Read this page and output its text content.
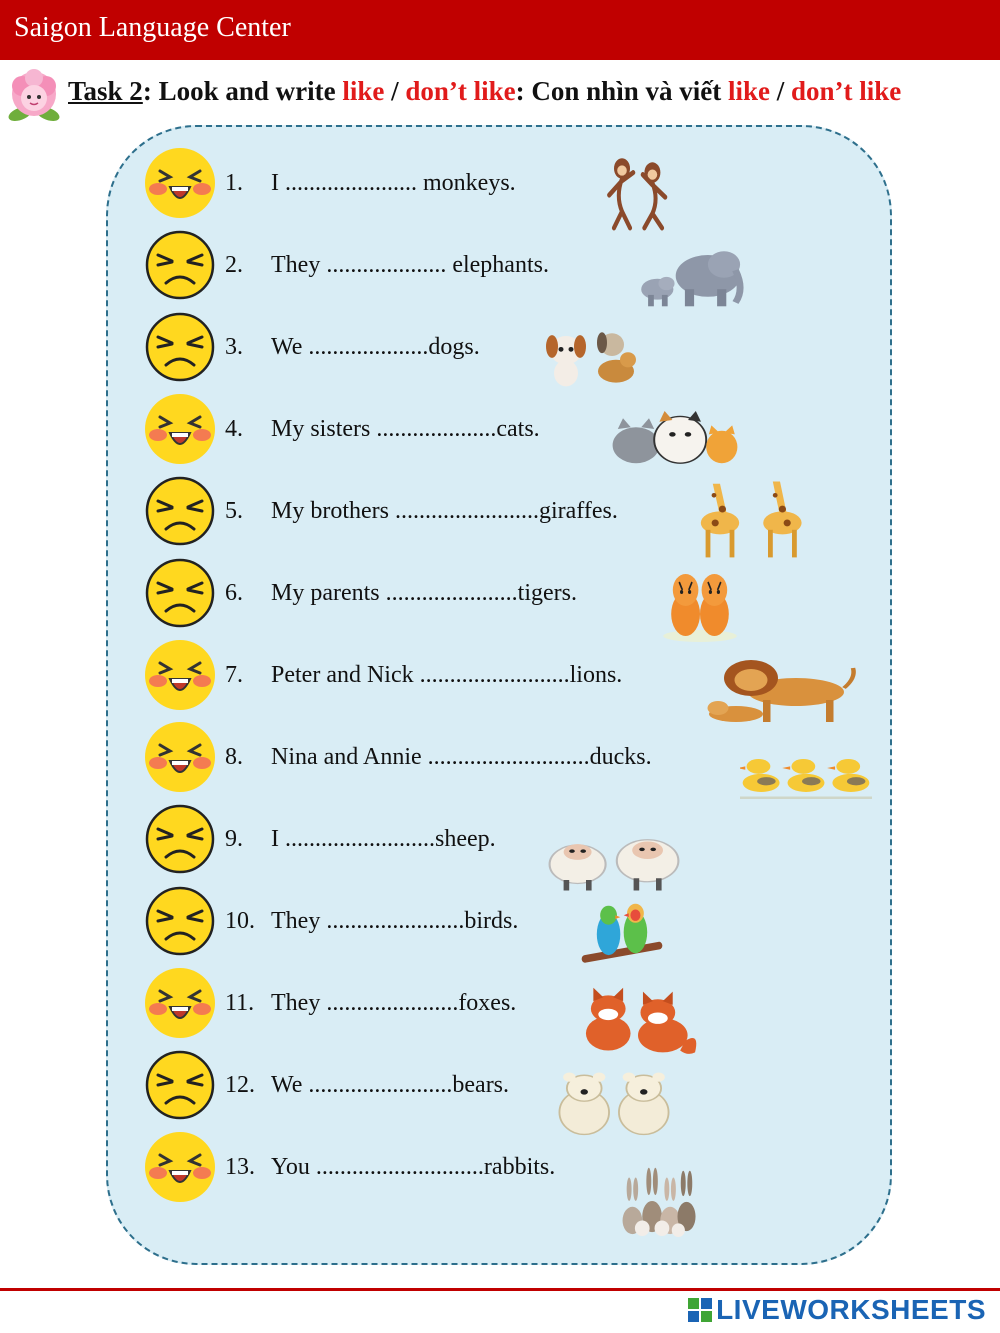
Saigon Language Center
Task 2: Look and write like / don’t like: Con nhìn và viết like / don’t like
1. I ...................... monkeys.
2. They .................... elephants.
3. We ....................dogs.
4. My sisters ....................cats.
5. My brothers ........................giraffes.
6. My parents ......................tigers.
7. Peter and Nick .........................lions.
8. Nina and Annie ...........................ducks.
9. I .........................sheep.
10. They .......................birds.
11. They ......................foxes.
12. We ........................bears.
13. You ............................rabbits.
LIVEWORKSHEETS
